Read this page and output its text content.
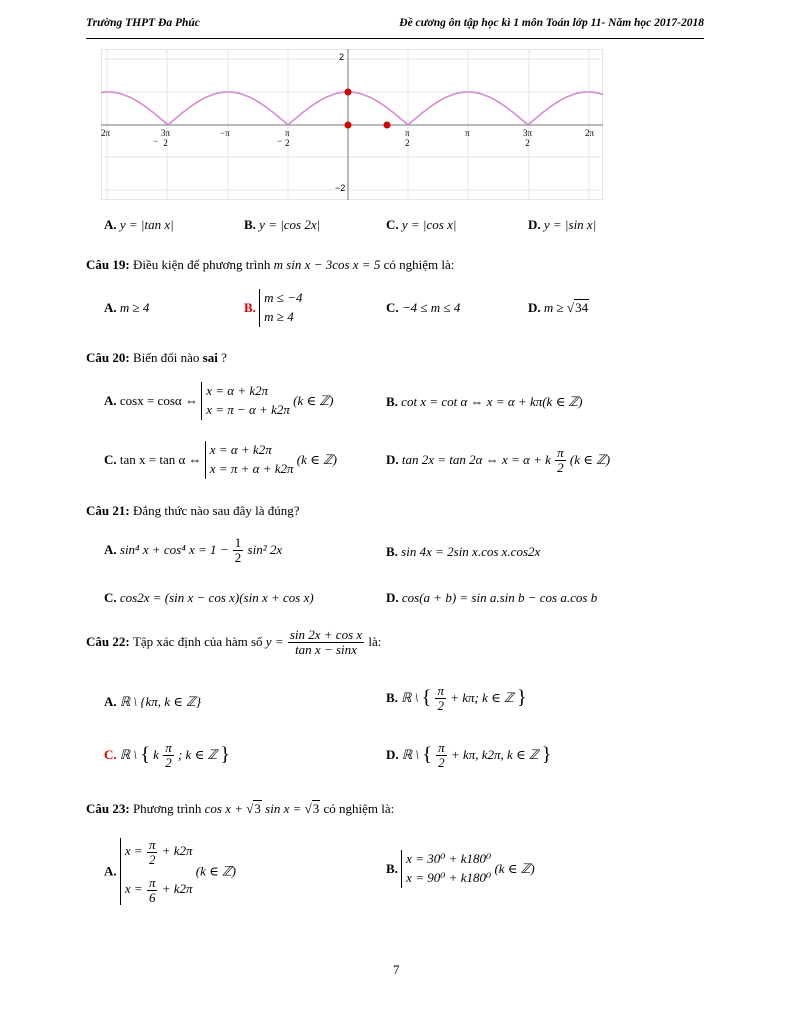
Trường THPT Đa Phúc	Đề cương ôn tập học kì 1 môn Toán lớp 11- Năm học 2017-2018
2
−2
2π	3π
2
−
−π	π
2
−
π
2
π	3π
2
2π
A. y = |tan x|	B. y = |cos 2x|	C. y = |cos x|	D. y = |sin x|
Câu 19: Điều kiện để phương trình m sin x − 3cos x = 5 có nghiệm là:
A. m ≥ 4	B.
m ≤ −4
m ≥ 4
C. −4 ≤ m ≤ 4	D. m ≥ √34
Câu 20: Biến đổi nào sai ?
A. cosx = cosα ⇔
x = α + k2π
x = π − α + k2π
(k ∈ ℤ)	B. cot x = cot α ⇔ x = α + kπ(k ∈ ℤ)
C. tan x = tan α ⇔
x = α + k2π
x = π + α + k2π
(k ∈ ℤ)	D. tan 2x = tan 2α ⇔ x = α + k $\frac{\pi}{2} (k$ ∈ ℤ)
Câu 21: Đẳng thức nào sau đây là đúng?
A. sin⁴ x + cos⁴ $x = 1 - \frac{1}{2} \sin^2$ 2x	B. sin 4x = 2sin x.cos x.cos2x
C. cos2x = (sin x − cos x)(sin x + cos x)	D. cos(a + b) = sin a.sin b − cos a.cos b
Câu 22: Tập xác định của hàm số $y = \frac{\text{sin 2x + cos x}}{\text{tan x − sinx}}$ là:
A. ℝ \ {kπ, k ∈ ℤ}	B. ℝ \ { $\frac{\pi}{2} + k\pi$; k ∈ ℤ }
C. ℝ \ { k $\frac{\pi}{2}$ ; k ∈ ℤ }	D. ℝ \ { $\frac{\pi}{2} + k\pi$, k2π, k ∈ ℤ }
Câu 23: Phương trình cos x + √3 sin x = √3 có nghiệm là:
A.
$x = \frac{\pi}{2} + k2\pi$
$x = \frac{\pi}{6} + k2\pi$
(k ∈ ℤ)	B.
x = 30⁰ + k180⁰
x = 90⁰ + k180⁰
(k ∈ ℤ)
7
